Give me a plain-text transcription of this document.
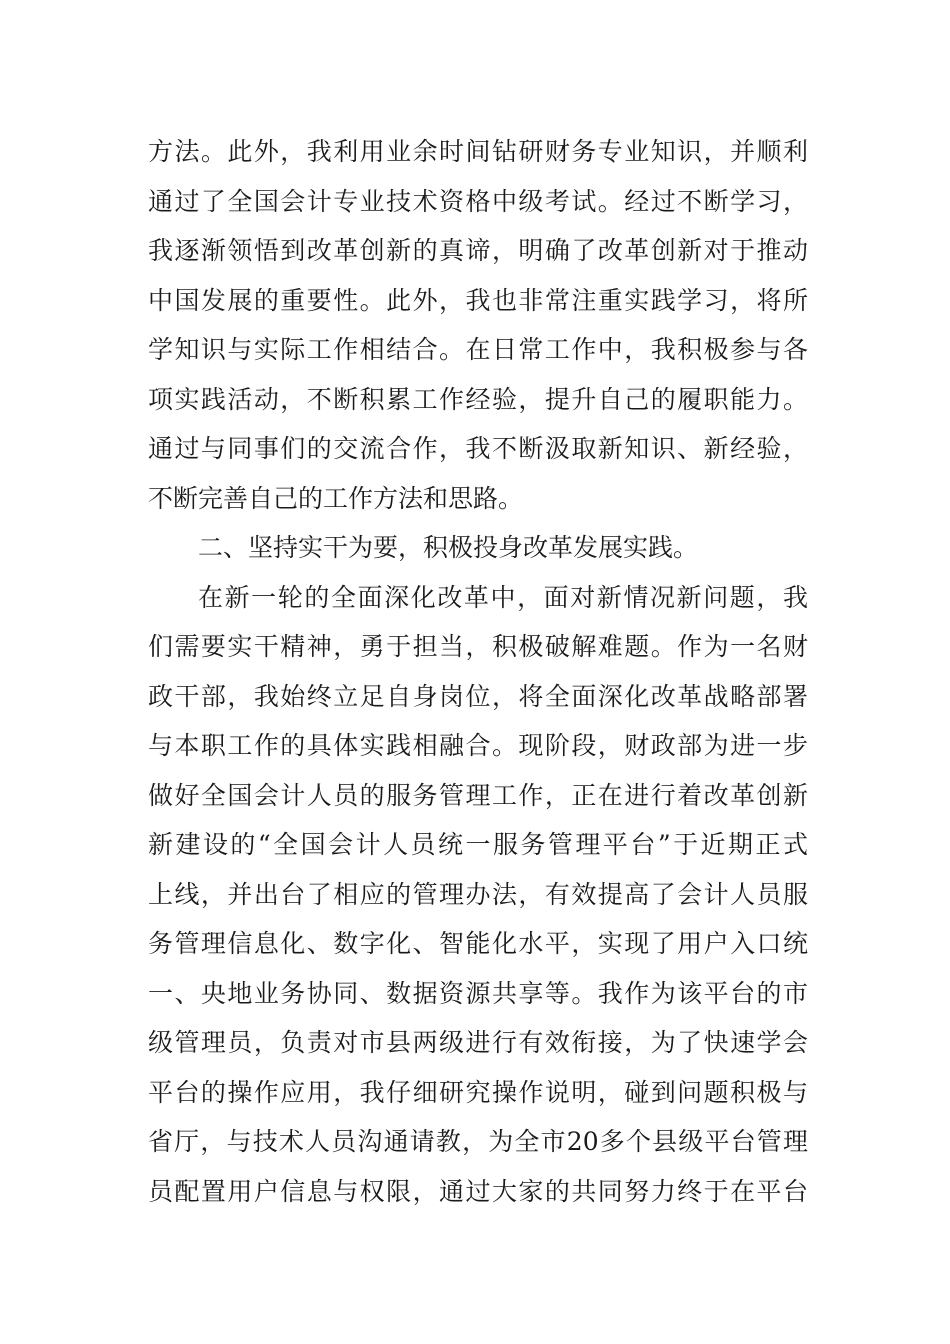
方法。此外，我利用业余时间钻研财务专业知识，并顺利
通过了全国会计专业技术资格中级考试。经过不断学习，
我逐渐领悟到改革创新的真谛，明确了改革创新对于推动
中国发展的重要性。此外，我也非常注重实践学习，将所
学知识与实际工作相结合。在日常工作中，我积极参与各
项实践活动，不断积累工作经验，提升自己的履职能力。
通过与同事们的交流合作，我不断汲取新知识、新经验，
不断完善自己的工作方法和思路。
二、坚持实干为要，积极投身改革发展实践。
在新一轮的全面深化改革中，面对新情况新问题，我
们需要实干精神，勇于担当，积极破解难题。作为一名财
政干部，我始终立足自身岗位，将全面深化改革战略部署
与本职工作的具体实践相融合。现阶段，财政部为进一步
做好全国会计人员的服务管理工作，正在进行着改革创新
新建设的“全国会计人员统一服务管理平台”于近期正式
上线，并出台了相应的管理办法，有效提高了会计人员服
务管理信息化、数字化、智能化水平，实现了用户入口统
一、央地业务协同、数据资源共享等。我作为该平台的市
级管理员，负责对市县两级进行有效衔接，为了快速学会
平台的操作应用，我仔细研究操作说明，碰到问题积极与
省厅，与技术人员沟通请教，为全市20多个县级平台管理
员配置用户信息与权限，通过大家的共同努力终于在平台
